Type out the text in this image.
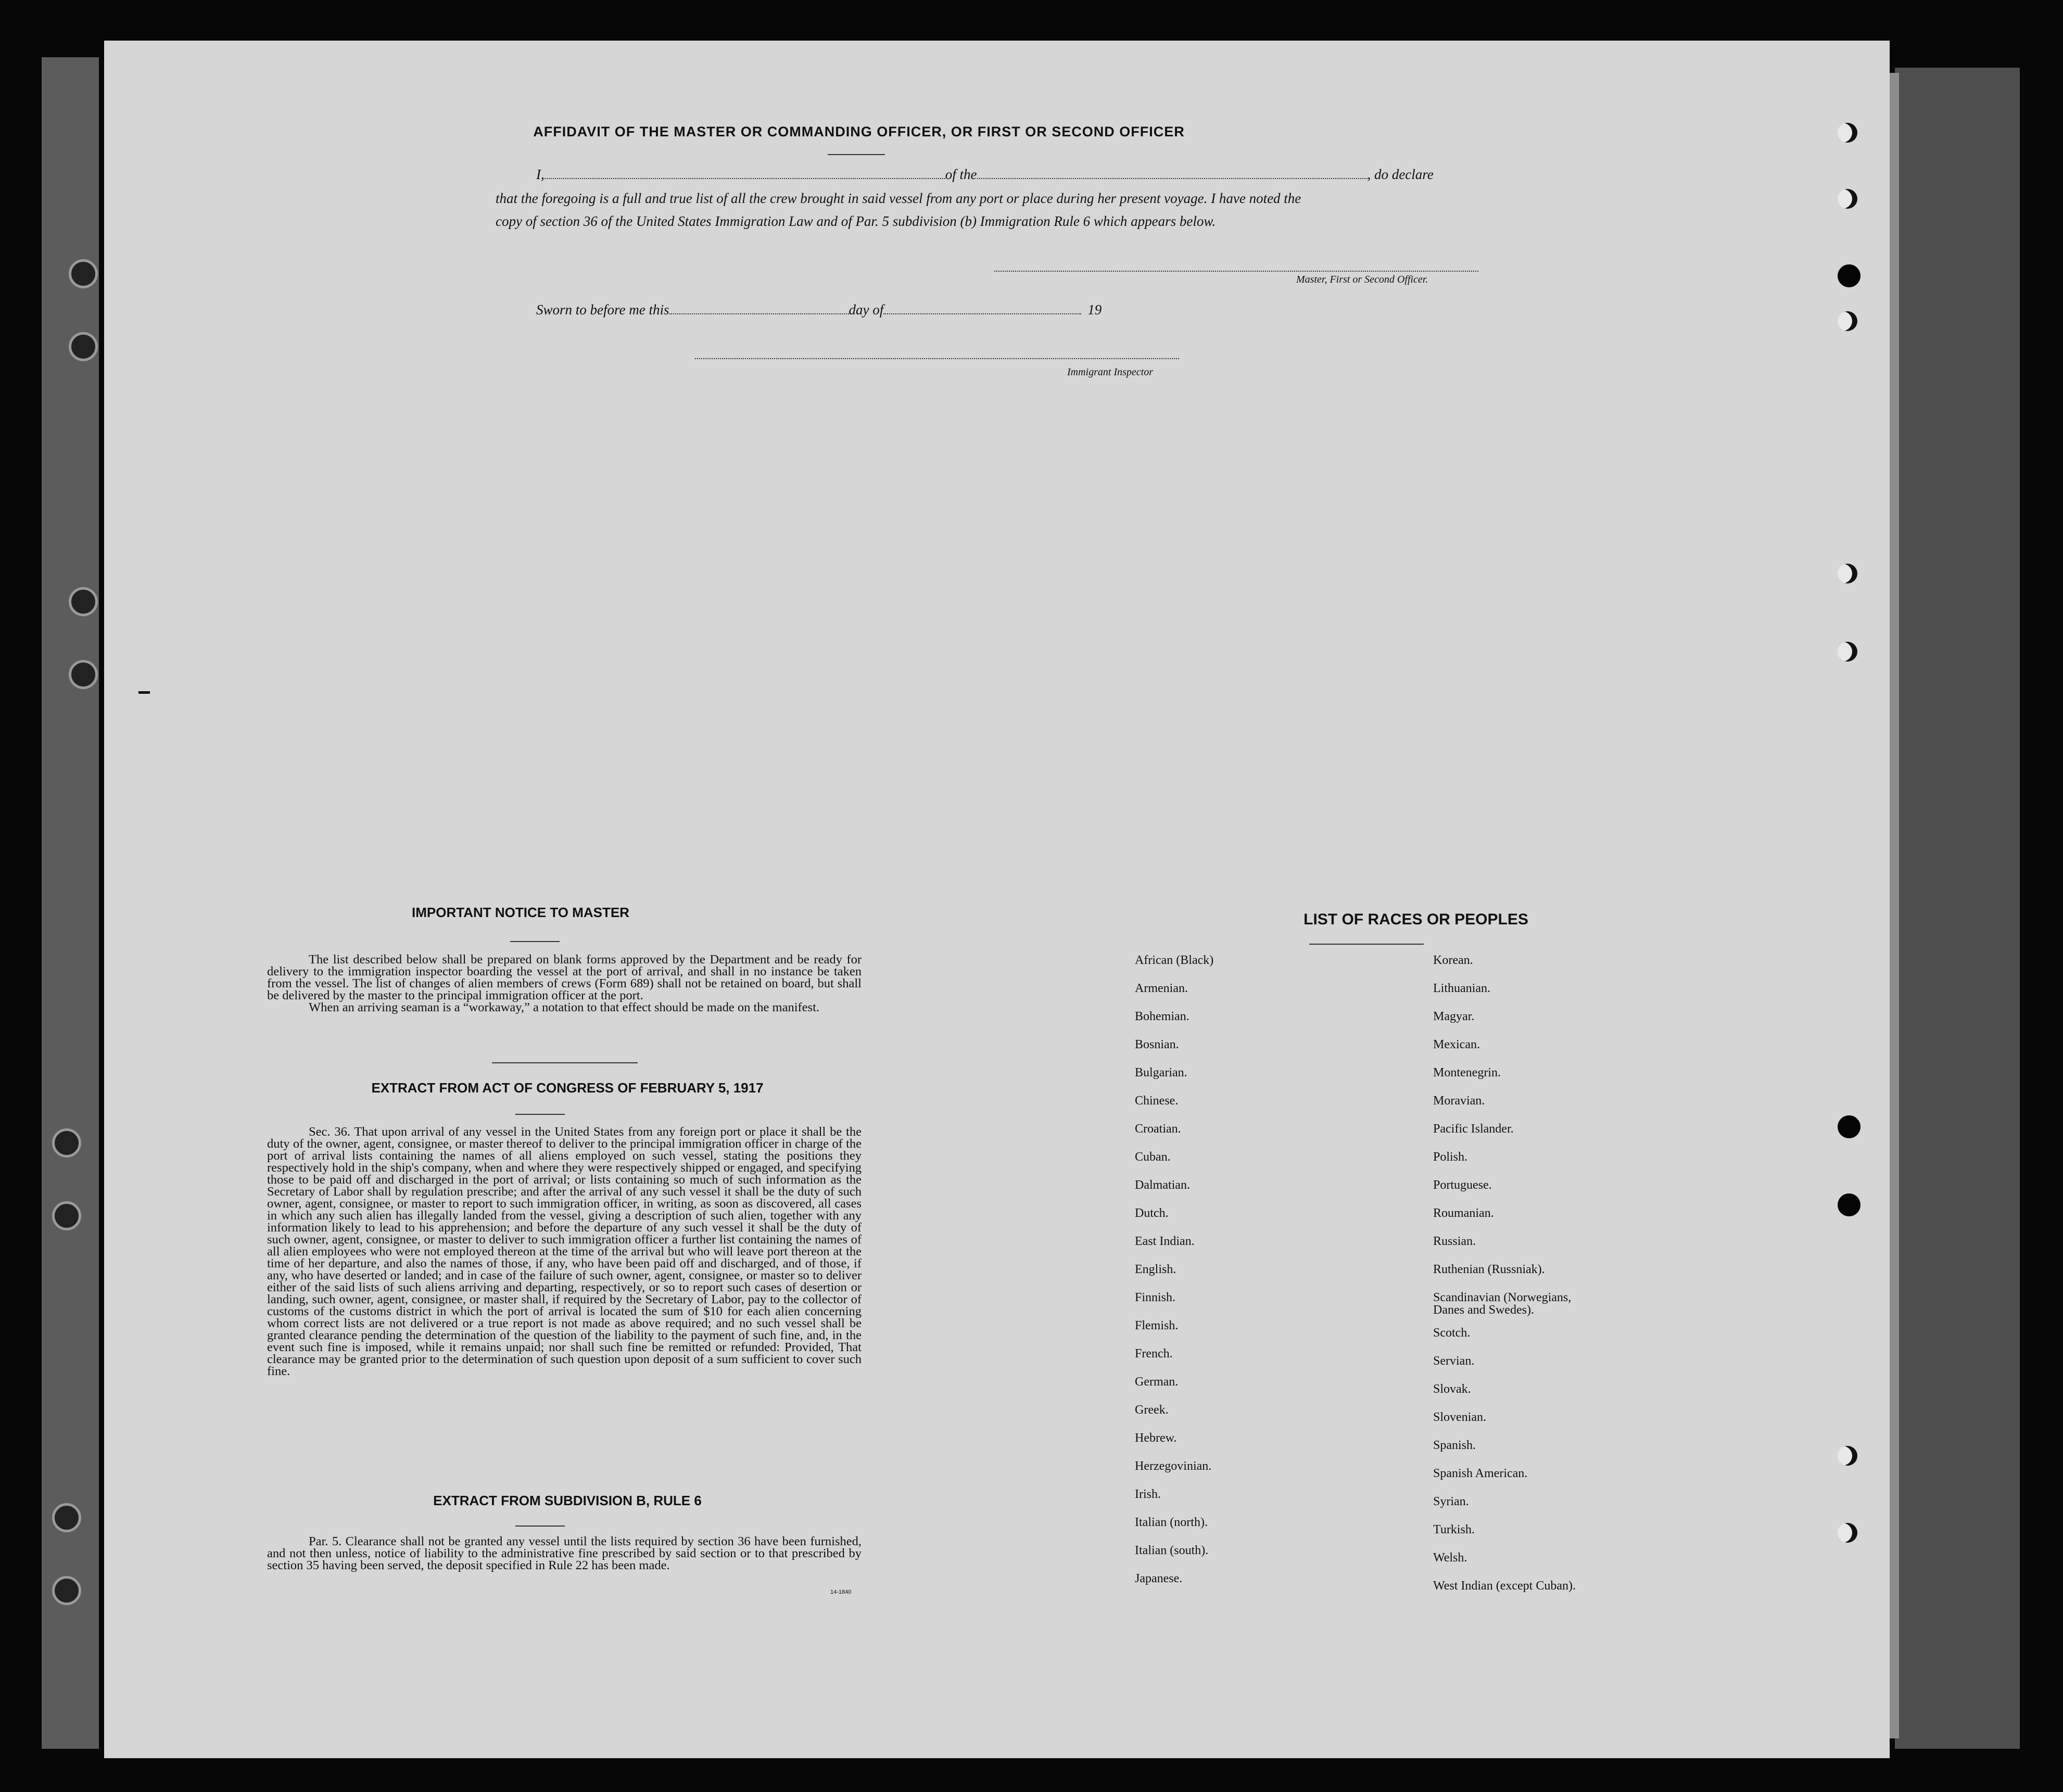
AFFIDAVIT OF THE MASTER OR COMMANDING OFFICER, OR FIRST OR SECOND OFFICER
I,	of the	, do declare
that the foregoing is a full and true list of all the crew brought in said vessel from any port or place during her present voyage. I have noted the
copy of section 36 of the United States Immigration Law and of Par. 5 subdivision (b) Immigration Rule 6 which appears below.
Master, First or Second Officer.
Sworn to before me this	day of	19
Immigrant Inspector
IMPORTANT NOTICE TO MASTER
The list described below shall be prepared on blank forms approved by the Department and be ready for delivery to the immigration inspector boarding the vessel at the port of arrival, and shall in no instance be taken from the vessel. The list of changes of alien members of crews (Form 689) shall not be retained on board, but shall be delivered by the master to the principal immigration officer at the port.
When an arriving seaman is a “workaway,” a notation to that effect should be made on the manifest.
EXTRACT FROM ACT OF CONGRESS OF FEBRUARY 5, 1917
Sec. 36. That upon arrival of any vessel in the United States from any foreign port or place it shall be the duty of the owner, agent, consignee, or master thereof to deliver to the principal immigration officer in charge of the port of arrival lists containing the names of all aliens employed on such vessel, stating the positions they respectively hold in the ship's company, when and where they were respectively shipped or engaged, and specifying those to be paid off and discharged in the port of arrival; or lists containing so much of such information as the Secretary of Labor shall by regulation prescribe; and after the arrival of any such vessel it shall be the duty of such owner, agent, consignee, or master to report to such immigration officer, in writing, as soon as discovered, all cases in which any such alien has illegally landed from the vessel, giving a description of such alien, together with any information likely to lead to his apprehension; and before the departure of any such vessel it shall be the duty of such owner, agent, consignee, or master to deliver to such immigration officer a further list containing the names of all alien employees who were not employed thereon at the time of the arrival but who will leave port thereon at the time of her departure, and also the names of those, if any, who have been paid off and discharged, and of those, if any, who have deserted or landed; and in case of the failure of such owner, agent, consignee, or master so to deliver either of the said lists of such aliens arriving and departing, respectively, or so to report such cases of desertion or landing, such owner, agent, consignee, or master shall, if required by the Secretary of Labor, pay to the collector of customs of the customs district in which the port of arrival is located the sum of $10 for each alien concerning whom correct lists are not delivered or a true report is not made as above required; and no such vessel shall be granted clearance pending the determination of the question of the liability to the payment of such fine, and, in the event such fine is imposed, while it remains unpaid; nor shall such fine be remitted or refunded: Provided, That clearance may be granted prior to the determination of such question upon deposit of a sum sufficient to cover such fine.
EXTRACT FROM SUBDIVISION B, RULE 6
Par. 5. Clearance shall not be granted any vessel until the lists required by section 36 have been furnished, and not then unless, notice of liability to the administrative fine prescribed by said section or to that prescribed by section 35 having been served, the deposit specified in Rule 22 has been made.
14-1840
LIST OF RACES OR PEOPLES
African (Black)
Armenian.
Bohemian.
Bosnian.
Bulgarian.
Chinese.
Croatian.
Cuban.
Dalmatian.
Dutch.
East Indian.
English.
Finnish.
Flemish.
French.
German.
Greek.
Hebrew.
Herzegovinian.
Irish.
Italian (north).
Italian (south).
Japanese.
Korean.
Lithuanian.
Magyar.
Mexican.
Montenegrin.
Moravian.
Pacific Islander.
Polish.
Portuguese.
Roumanian.
Russian.
Ruthenian (Russniak).
Scandinavian (Norwegians,
Danes and Swedes).
Scotch.
Servian.
Slovak.
Slovenian.
Spanish.
Spanish American.
Syrian.
Turkish.
Welsh.
West Indian (except Cuban).
